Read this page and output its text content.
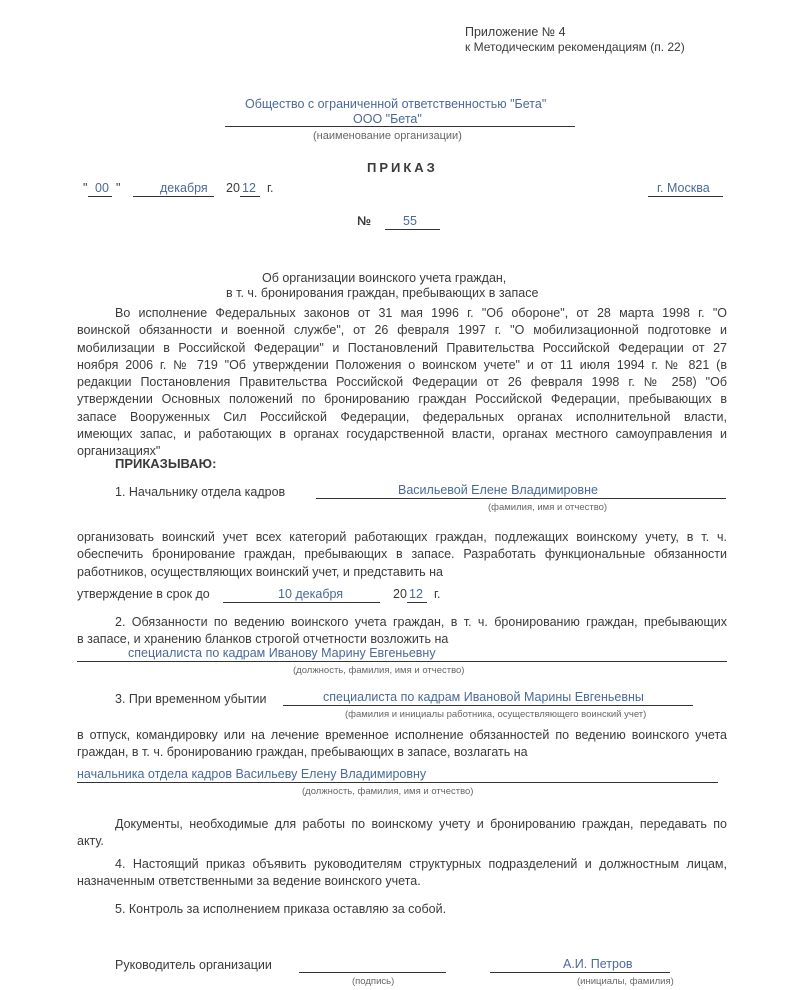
Приложение № 4
к Методическим рекомендациям (п. 22)
Общество с ограниченной ответственностью "Бета"
ООО "Бета"
(наименование организации)
ПРИКАЗ
" 00 "	декабря 20 12 г.	г. Москва
№	55
Об организации воинского учета граждан,
в т. ч. бронирования граждан, пребывающих в запасе
Во исполнение Федеральных законов от 31 мая 1996 г. "Об обороне", от 28 марта 1998 г. "О
воинской обязанности и военной службе", от 26 февраля 1997 г. "О мобилизационной подготовке и
мобилизации в Российской Федерации" и Постановлений Правительства Российской Федерации от 27
ноября 2006 г. № 719 "Об утверждении Положения о воинском учете" и от 11 июля 1994 г. № 821 (в
редакции Постановления Правительства Российской Федерации от 26 февраля 1998 г. № 258) "Об
утверждении Основных положений по бронированию граждан Российской Федерации, пребывающих в
запасе Вооруженных Сил Российской Федерации, федеральных органах исполнительной власти,
имеющих запас, и работающих в органах государственной власти, органах местного самоуправления и
организациях"
ПРИКАЗЫВАЮ:
1. Начальнику отдела кадров	Васильевой Елене Владимировне
(фамилия, имя и отчество)
организовать воинский учет всех категорий работающих граждан, подлежащих воинскому учету, в т. ч.
обеспечить бронирование граждан, пребывающих в запасе. Разработать функциональные обязанности
работников, осуществляющих воинский учет, и представить на
утверждение в срок до	10 декабря	20 12 г.
2. Обязанности по ведению воинского учета граждан, в т. ч. бронированию граждан, пребывающих
в запасе, и хранению бланков строгой отчетности возложить на
специалиста по кадрам Иванову Марину Евгеньевну
(должность, фамилия, имя и отчество)
3. При временном убытии	специалиста по кадрам Ивановой Марины Евгеньевны
(фамилия и инициалы работника, осуществляющего воинский учет)
в отпуск, командировку или на лечение временное исполнение обязанностей по ведению воинского учета
граждан, в т. ч. бронированию граждан, пребывающих в запасе, возлагать на
начальника отдела кадров Васильеву Елену Владимировну
(должность, фамилия, имя и отчество)
Документы, необходимые для работы по воинскому учету и бронированию граждан, передавать по
акту.
4. Настоящий приказ объявить руководителям структурных подразделений и должностным лицам,
назначенным ответственными за ведение воинского учета.
5. Контроль за исполнением приказа оставляю за собой.
Руководитель организации
(подпись)
А.И. Петров
(инициалы, фамилия)
